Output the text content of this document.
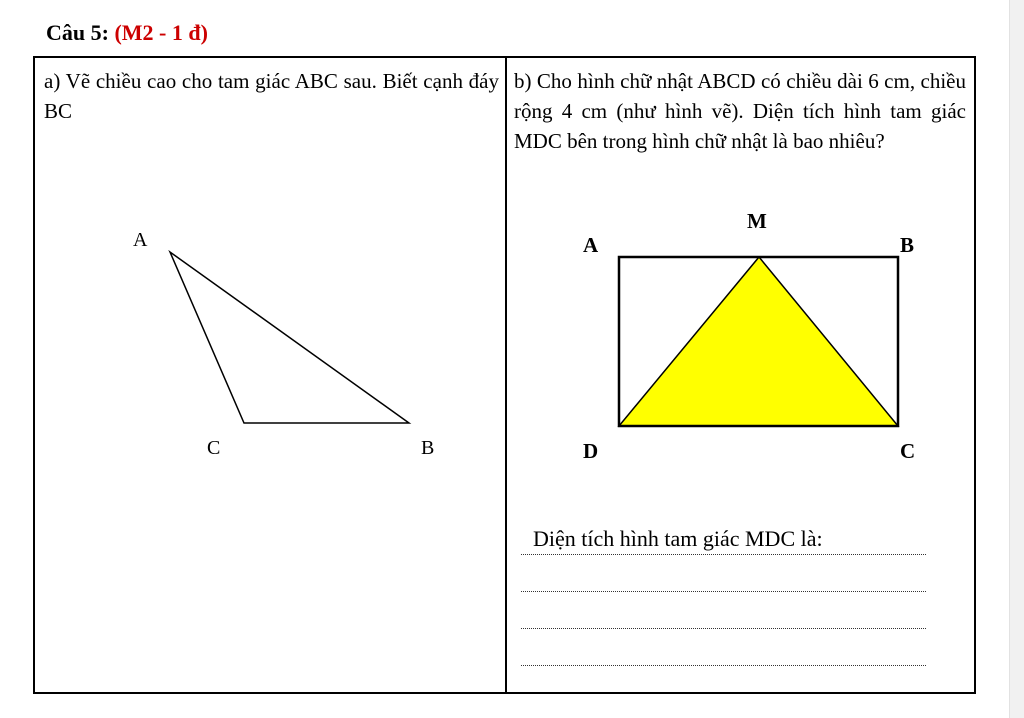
Câu 5: (M2 - 1 đ)
a) Vẽ chiều cao cho tam giác ABC sau. Biết cạnh đáy BC
b) Cho hình chữ nhật ABCD có chiều dài 6 cm, chiều rộng 4 cm (như hình vẽ). Diện tích hình tam giác MDC bên trong hình chữ nhật là bao nhiêu?
A
C	B
M
A	B
D	C
Diện tích hình tam giác MDC là:
